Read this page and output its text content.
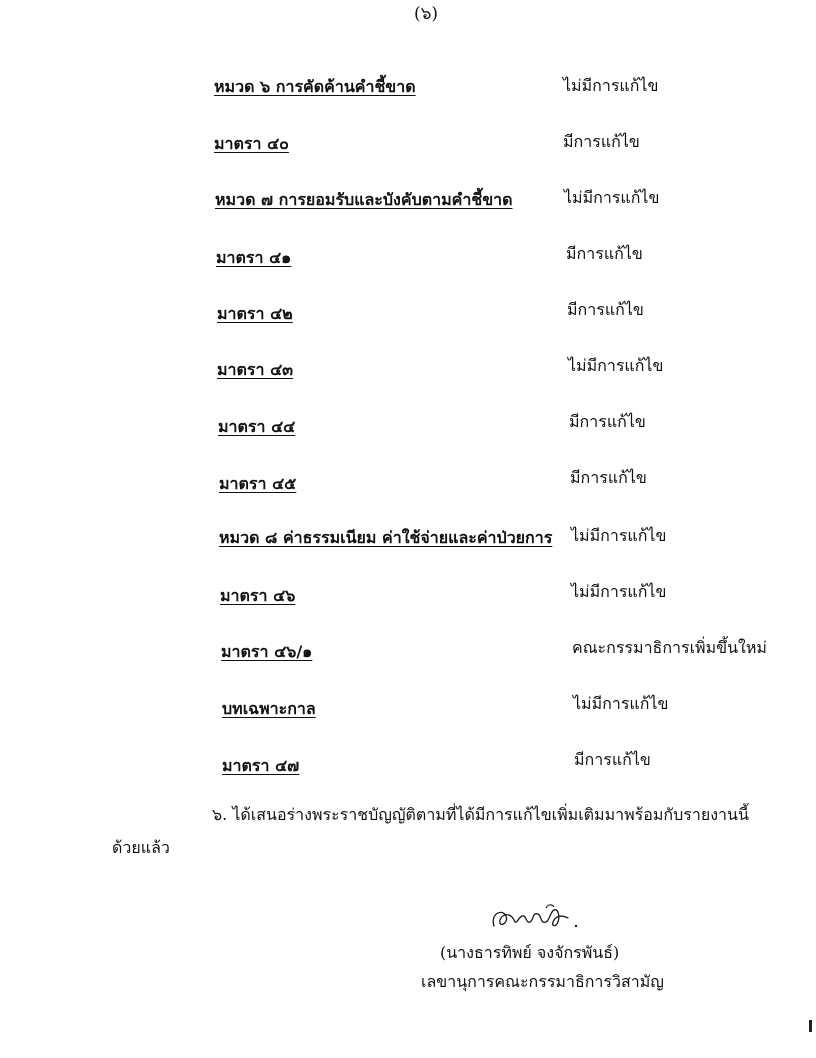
(๖)
หมวด ๖ การคัดค้านคำชี้ขาด	ไม่มีการแก้ไข
มาตรา ๔๐	มีการแก้ไข
หมวด ๗ การยอมรับและบังคับตามคำชี้ขาด	ไม่มีการแก้ไข
มาตรา ๔๑	มีการแก้ไข
มาตรา ๔๒	มีการแก้ไข
มาตรา ๔๓	ไม่มีการแก้ไข
มาตรา ๔๔	มีการแก้ไข
มาตรา ๔๕	มีการแก้ไข
หมวด ๘ ค่าธรรมเนียม ค่าใช้จ่ายและค่าป่วยการ ไม่มีการแก้ไข
มาตรา ๔๖	ไม่มีการแก้ไข
มาตรา ๔๖/๑	คณะกรรมาธิการเพิ่มขึ้นใหม่
บทเฉพาะกาล	ไม่มีการแก้ไข
มาตรา ๔๗	มีการแก้ไข
๖. ได้เสนอร่างพระราชบัญญัติตามที่ได้มีการแก้ไขเพิ่มเติมมาพร้อมกับรายงานนี้
ด้วยแล้ว
(นางธารทิพย์ จงจักรพันธ์)
เลขานุการคณะกรรมาธิการวิสามัญ
